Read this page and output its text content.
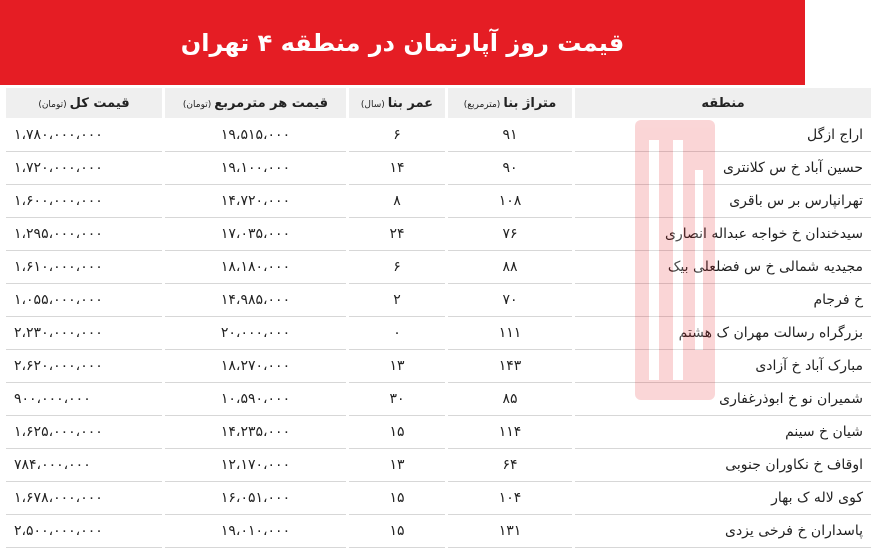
قیمت روز آپارتمان در منطقه ۴ تهران
منطقه	متراژ بنا(مترمربع)	عمر بنا(سال)	قیمت هر مترمربع(تومان)	قیمت کل(تومان)
اراج ازگل	۹۱	۶	۱۹،۵۱۵،۰۰۰	۱،۷۸۰،۰۰۰،۰۰۰
حسین آباد خ س کلانتری	۹۰	۱۴	۱۹،۱۰۰،۰۰۰	۱،۷۲۰،۰۰۰،۰۰۰
تهرانپارس بر س باقری	۱۰۸	۸	۱۴،۷۲۰،۰۰۰	۱،۶۰۰،۰۰۰،۰۰۰
سیدخندان خ خواجه عبداله انصاری	۷۶	۲۴	۱۷،۰۳۵،۰۰۰	۱،۲۹۵،۰۰۰،۰۰۰
مجیدیه شمالی خ س فضلعلی بیک	۸۸	۶	۱۸،۱۸۰،۰۰۰	۱،۶۱۰،۰۰۰،۰۰۰
خ فرجام	۷۰	۲	۱۴،۹۸۵،۰۰۰	۱،۰۵۵،۰۰۰،۰۰۰
بزرگراه رسالت مهران ک هشتم	۱۱۱	۰	۲۰،۰۰۰،۰۰۰	۲،۲۳۰،۰۰۰،۰۰۰
مبارک آباد خ آزادی	۱۴۳	۱۳	۱۸،۲۷۰،۰۰۰	۲،۶۲۰،۰۰۰،۰۰۰
شمیران نو خ ابوذرغفاری	۸۵	۳۰	۱۰،۵۹۰،۰۰۰	۹۰۰،۰۰۰،۰۰۰
شیان خ سینم	۱۱۴	۱۵	۱۴،۲۳۵،۰۰۰	۱،۶۲۵،۰۰۰،۰۰۰
اوقاف خ نکاوران جنوبی	۶۴	۱۳	۱۲،۱۷۰،۰۰۰	۷۸۴،۰۰۰،۰۰۰
کوی لاله ک بهار	۱۰۴	۱۵	۱۶،۰۵۱،۰۰۰	۱،۶۷۸،۰۰۰،۰۰۰
پاسداران خ فرخی یزدی	۱۳۱	۱۵	۱۹،۰۱۰،۰۰۰	۲،۵۰۰،۰۰۰،۰۰۰
